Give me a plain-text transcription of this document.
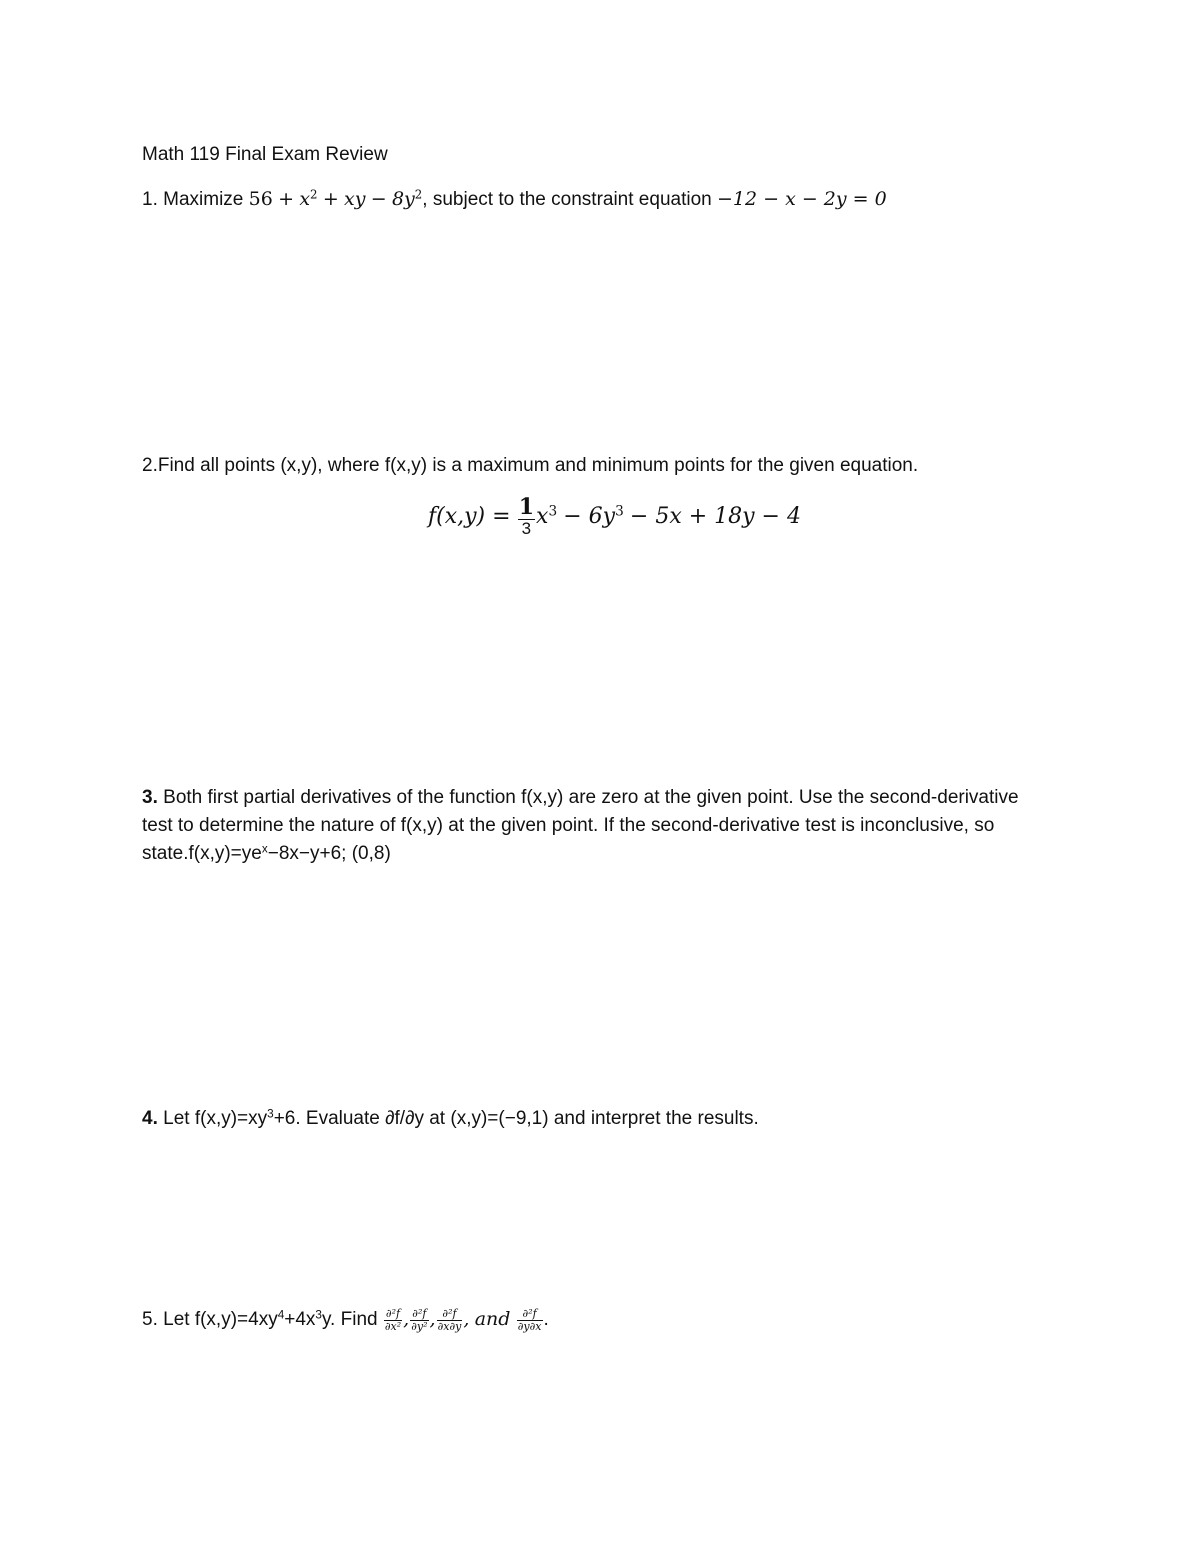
Math 119 Final Exam Review
1. Maximize $56 + x^2$ + xy − $8y^2$, subject to the constraint equation −12 − x − 2y = 0
2.Find all points (x,y), where f(x,y) is a maximum and minimum points for the given equation.
$f(x,y) = \frac{1}{3} x^3 - 6y^3 - 5x + 18y - 4$
3. Both first partial derivatives of the function f(x,y) are zero at the given point. Use the second-derivative
test to determine the nature of f(x,y) at the given point. If the second-derivative test is inconclusive, so
$state.f(x,y)=ye^x-8x-y+6$; (0,8)
4. Let $f(x,y)=xy^3+6$. Evaluate ∂f/∂y at (x,y)=(−9,1) and interpret the results.
5. Let $f(x,y)=4xy^4+4x^3y$. Find $\frac{\text{∂²f}}{\text{∂x²}}$ , $\frac{\text{∂²f}}{\text{∂y²}}$ , $\frac{\text{∂²f}}{\partial x\partial y}$ , and $\frac{\text{∂²f}}{\partial y\partial x}$ .
